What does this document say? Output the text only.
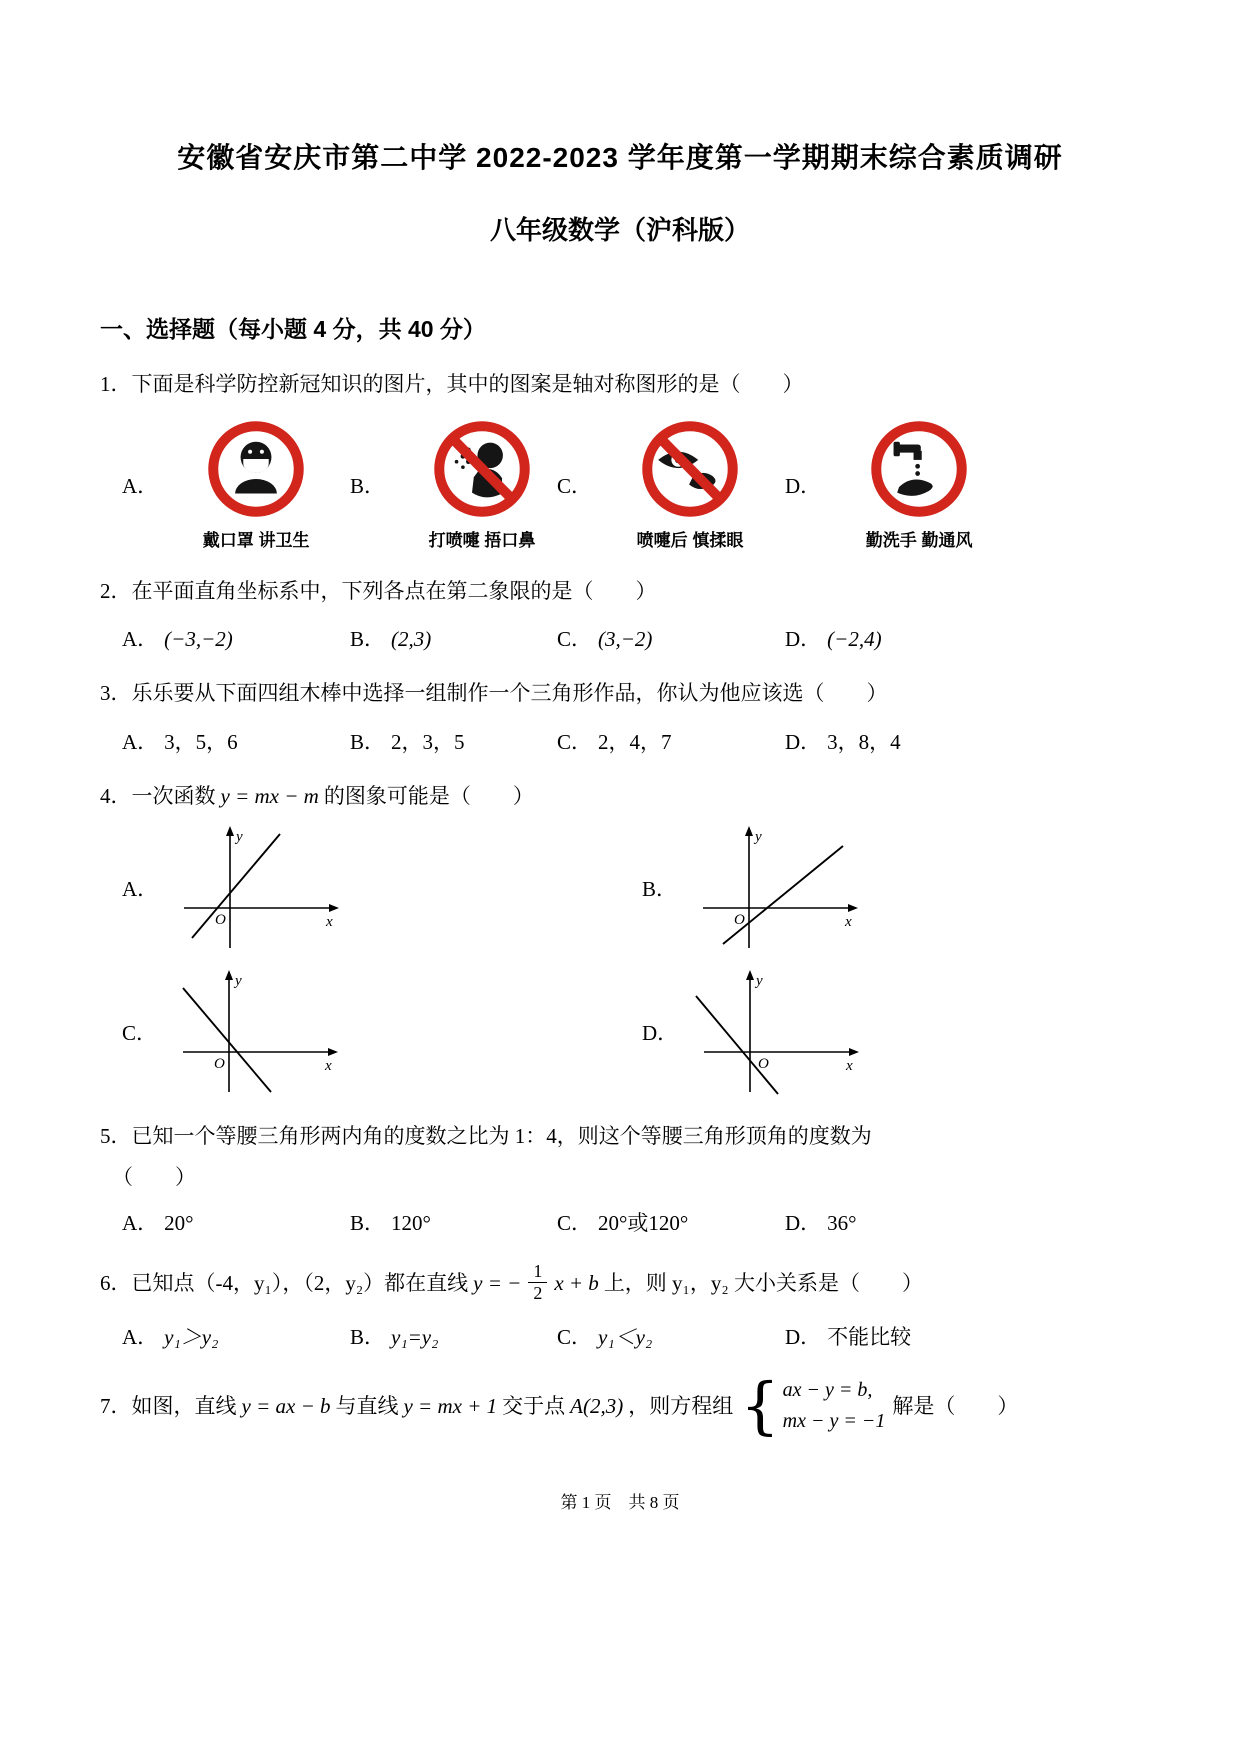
安徽省安庆市第二中学 2022-2023 学年度第一学期期末综合素质调研
八年级数学（沪科版）
一、选择题（每小题 4 分，共 40 分）
1．下面是科学防控新冠知识的图片，其中的图案是轴对称图形的是（　　）
A．
戴口罩 讲卫生
B．
打喷嚏 捂口鼻
C．
喷嚏后 慎揉眼
D．
勤洗手 勤通风
2．在平面直角坐标系中，下列各点在第二象限的是（　　）
A． (−3,−2)	B． (2,3)	C． (3,−2)	D． (−2,4)
3．乐乐要从下面四组木棒中选择一组制作一个三角形作品，你认为他应该选（　　）
A． 3，5，6	B． 2，3，5	C． 2，4，7	D． 3，8，4
4．一次函数 y = mx − m 的图象可能是（　　）
A．
y
x
O
B．
y
x
O
C．
y
x
O
D．
y
O	x
5．已知一个等腰三角形两内角的度数之比为 1：4，则这个等腰三角形顶角的度数为
（　　）
A． 20°	B． 120°	C． 20°或120°	D． 36°
6．已知点（-4，y₁），（2，y₂）都在直线 y = − $\frac{1}{2}$ x + b 上，则 y₁，y₂ 大小关系是（　　）
A． y₁＞y₂	B． y₁=y₂	C． y₁＜y₂	D． 不能比较
7．如图，直线 y = ax − b 与直线 y = mx + 1 交于点 A(2,3) ，则方程组 { ax − y = b,
mx − y = −1
解是（　　）
第 1 页　共 8 页
